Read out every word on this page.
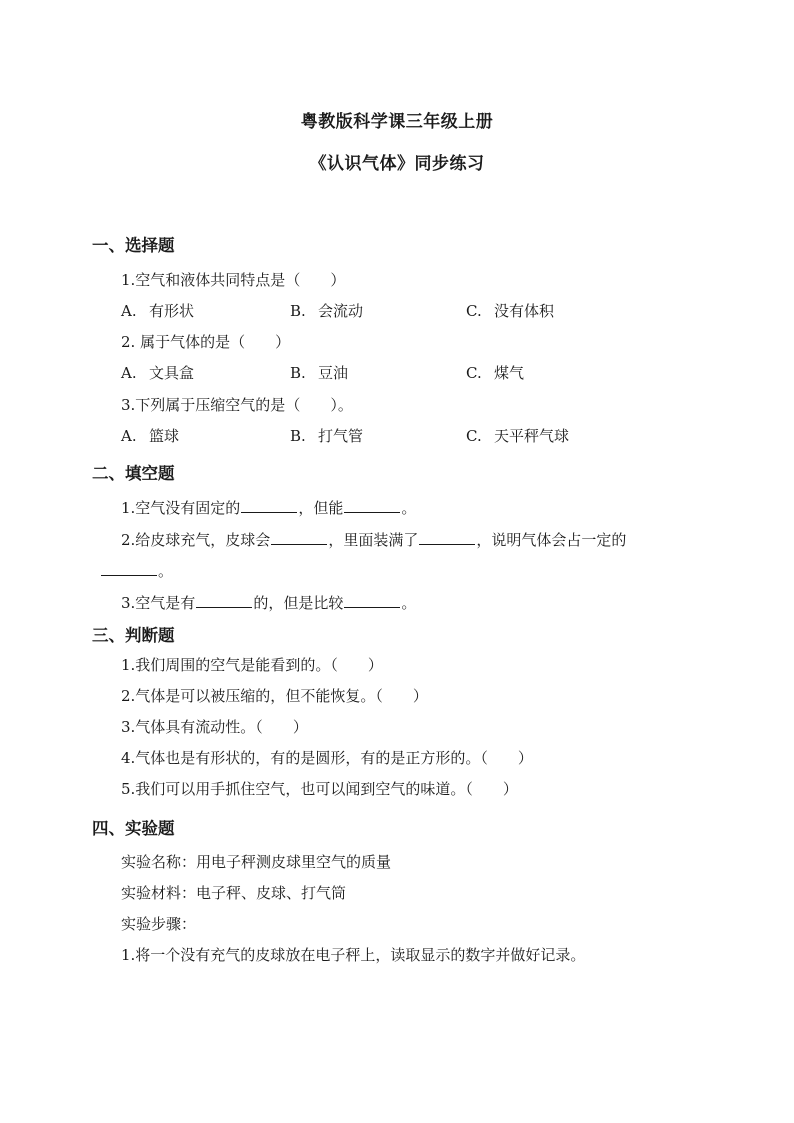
粤教版科学课三年级上册
《认识气体》同步练习
一、选择题
1.空气和液体共同特点是（　　）
A. 有形状	B. 会流动	C. 没有体积
2. 属于气体的是（　　）
A. 文具盒	B. 豆油	C. 煤气
3.下列属于压缩空气的是（　　）。
A. 篮球	B. 打气管	C. 天平秤气球
二、填空题
1.空气没有固定的	，但能	。
2.给皮球充气，皮球会	，里面装满了	，说明气体会占一定的
。
3.空气是有	的，但是比较	。
三、判断题
1.我们周围的空气是能看到的。（　　）
2.气体是可以被压缩的，但不能恢复。（　　）
3.气体具有流动性。（　　）
4.气体也是有形状的，有的是圆形，有的是正方形的。（　　）
5.我们可以用手抓住空气，也可以闻到空气的味道。（　　）
四、实验题
实验名称：用电子秤测皮球里空气的质量
实验材料：电子秤、皮球、打气筒
实验步骤：
1.将一个没有充气的皮球放在电子秤上，读取显示的数字并做好记录。
